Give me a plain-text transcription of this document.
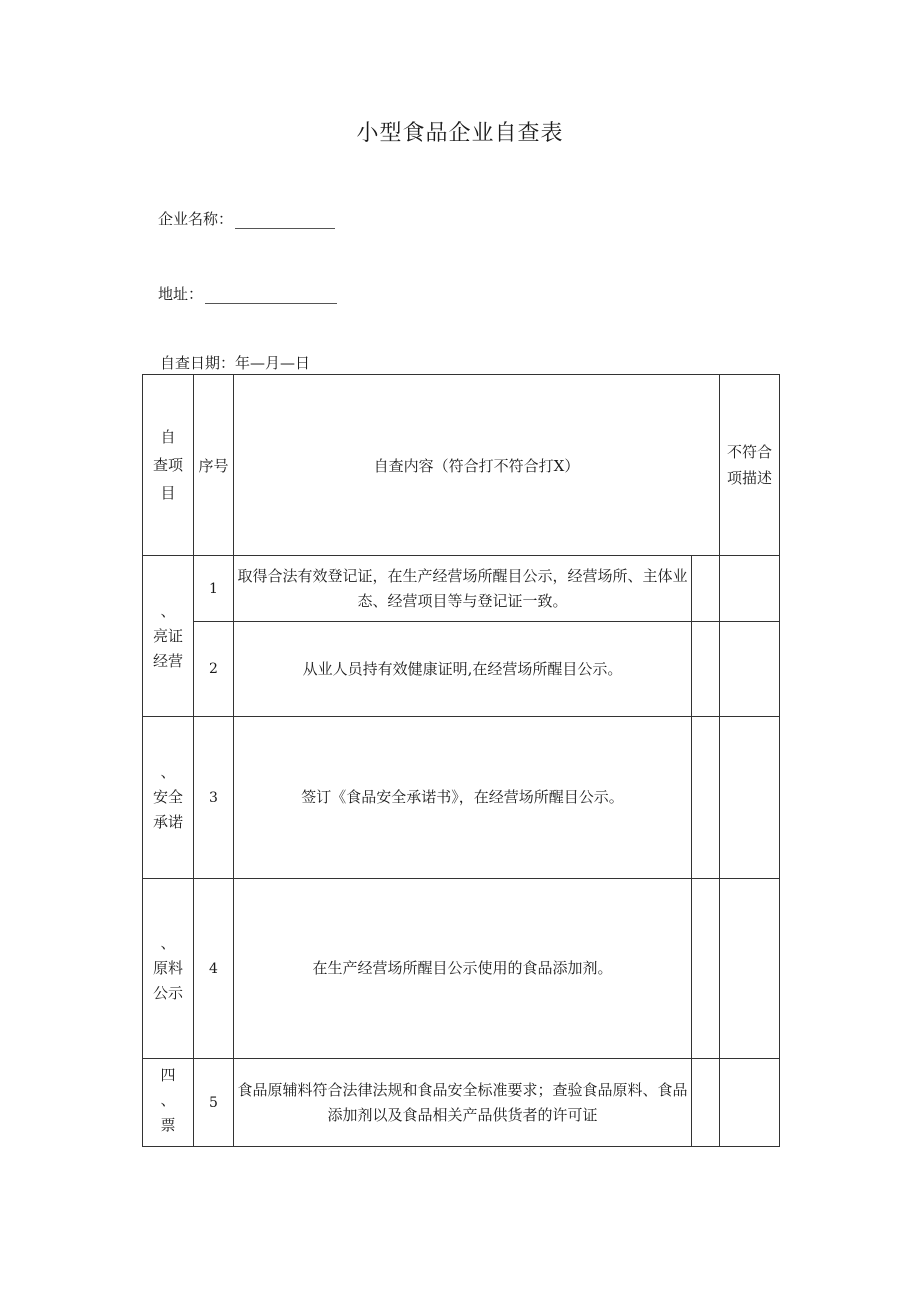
小型食品企业自查表
企业名称：
地址：
自查日期：年—月—日
自
查项
目	序号	自查内容（符合打不符合打X）		不符合
项描述

、
亮证
经营	1	取得合法有效登记证，在生产经营场所醒目公示，经营场所、主体业态、经营项目等与登记证一致。		
	2	从业人员持有效健康证明,在经营场所醒目公示。		

、
安全
承诺	3	签订《食品安全承诺书》，在经营场所醒目公示。		

、
原料
公示	4	在生产经营场所醒目公示使用的食品添加剂。		

四
、
票	5	食品原辅料符合法律法规和食品安全标准要求；查验食品原料、食品添加剂以及食品相关产品供货者的许可证		
